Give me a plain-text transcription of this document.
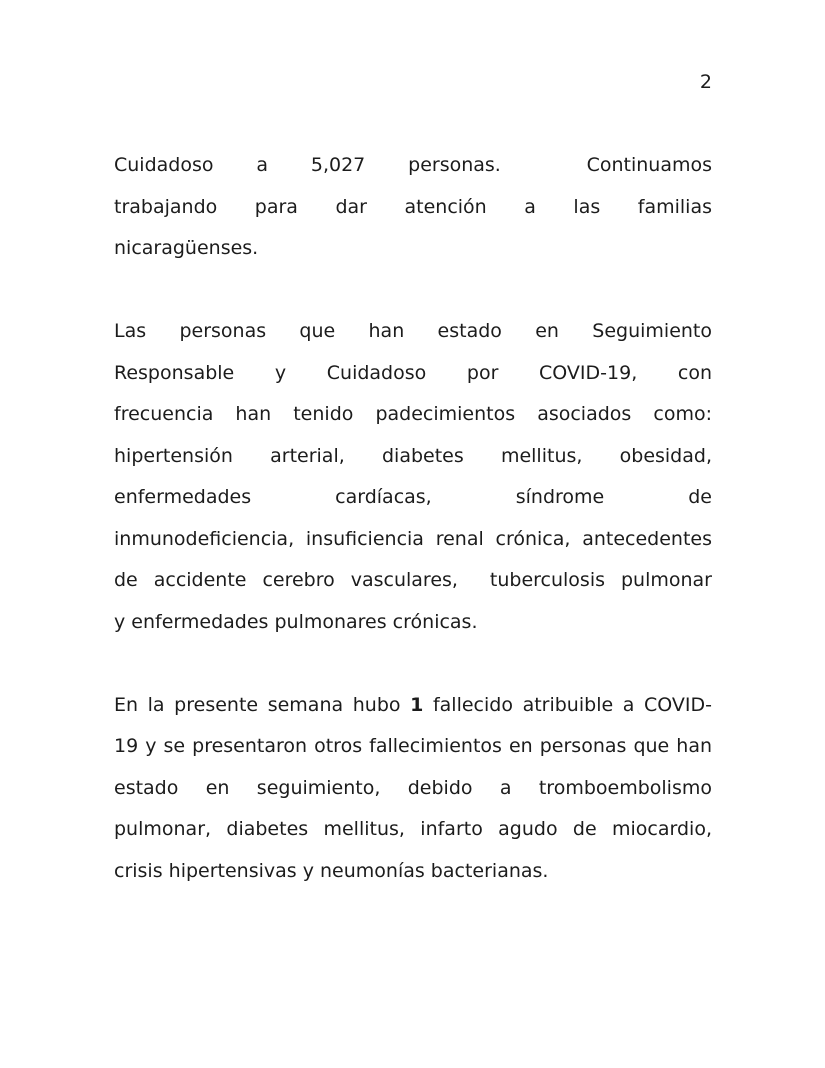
2
Cuidadoso a 5,027 personas.  Continuamos
trabajando para dar atención a las familias
nicaragüenses.
Las personas que han estado en Seguimiento
Responsable y Cuidadoso por COVID-19, con
frecuencia han tenido padecimientos asociados como:
hipertensión arterial, diabetes mellitus, obesidad,
enfermedades cardíacas, síndrome de
inmunodeficiencia, insuficiencia renal crónica, antecedentes
de accidente cerebro vasculares,  tuberculosis pulmonar
y enfermedades pulmonares crónicas.
En la presente semana hubo 1 fallecido atribuible a COVID-
19 y se presentaron otros fallecimientos en personas que han
estado en seguimiento, debido a tromboembolismo
pulmonar, diabetes mellitus, infarto agudo de miocardio,
crisis hipertensivas y neumonías bacterianas.
